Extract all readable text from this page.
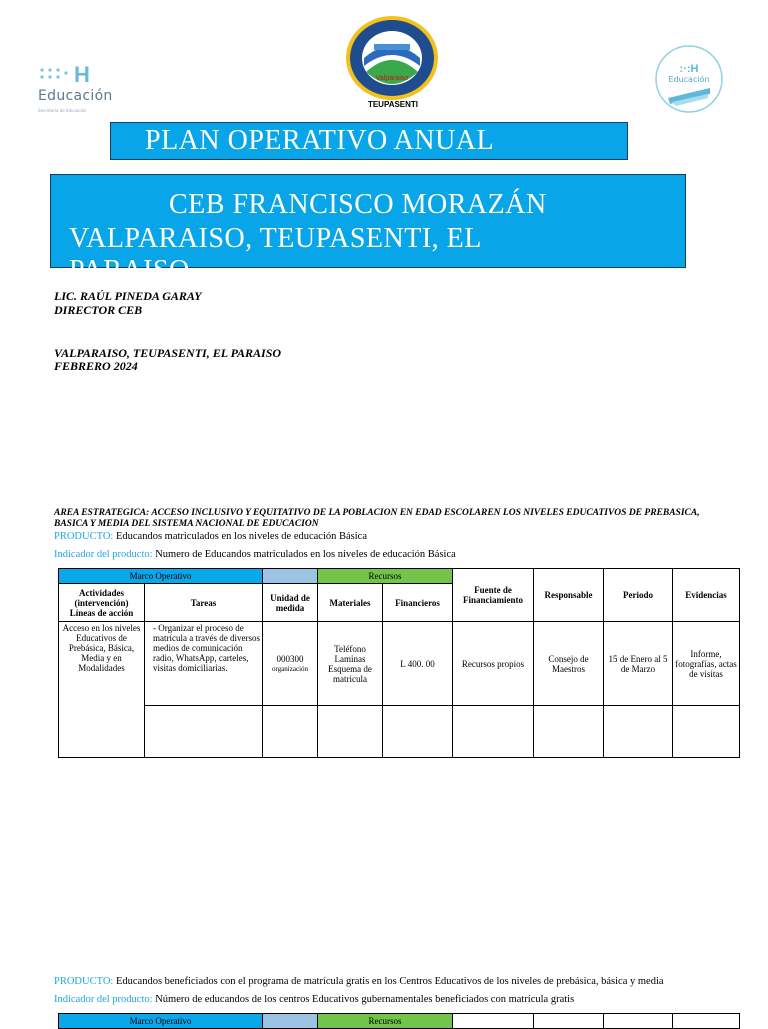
H
Educación
Secretaría de Educación
Valparaiso
TEUPASENTI
:·:H
Educación
PLAN OPERATIVO ANUAL
CEB FRANCISCO MORAZÁN
VALPARAISO, TEUPASENTI, EL
PARAISO
LIC. RAÚL PINEDA GARAY
DIRECTOR CEB
VALPARAISO, TEUPASENTI, EL PARAISO
FEBRERO 2024
AREA ESTRATEGICA: ACCESO INCLUSIVO Y EQUITATIVO DE LA POBLACION EN EDAD ESCOLAREN LOS NIVELES EDUCATIVOS DE PREBASICA, BASICA Y MEDIA DEL SISTEMA NACIONAL DE EDUCACION
PRODUCTO: Educandos matriculados en los niveles de educación Básica
Indicador del producto: Numero de Educandos matriculados en los niveles de educación Básica
Marco Operativo			Recursos		Fuente de Financiamiento	Responsable	Periodo	Evidencias
Actividades (intervención) Líneas de acción	Tareas	Unidad de medida	Materiales	Financieros				
Acceso en los niveles Educativos de Prebásica, Básica, Media y en Modalidades	- Organizar el proceso de matrícula a través de diversos medios de comunicación radio, WhatsApp, carteles, visitas domiciliarias.	000300
organización	Teléfono Laminas Esquema de matricula	L 400. 00	Recursos propios	Consejo de Maestros	15 de Enero al 5 de Marzo	Informe, fotografías, actas de visitas

PRODUCTO: Educandos beneficiados con el programa de matrícula gratis en los Centros Educativos de los niveles de prebásica, básica y media
Indicador del producto: Número de educandos de los centros Educativos gubernamentales beneficiados con matrícula gratis
Marco Operativo		Recursos				
